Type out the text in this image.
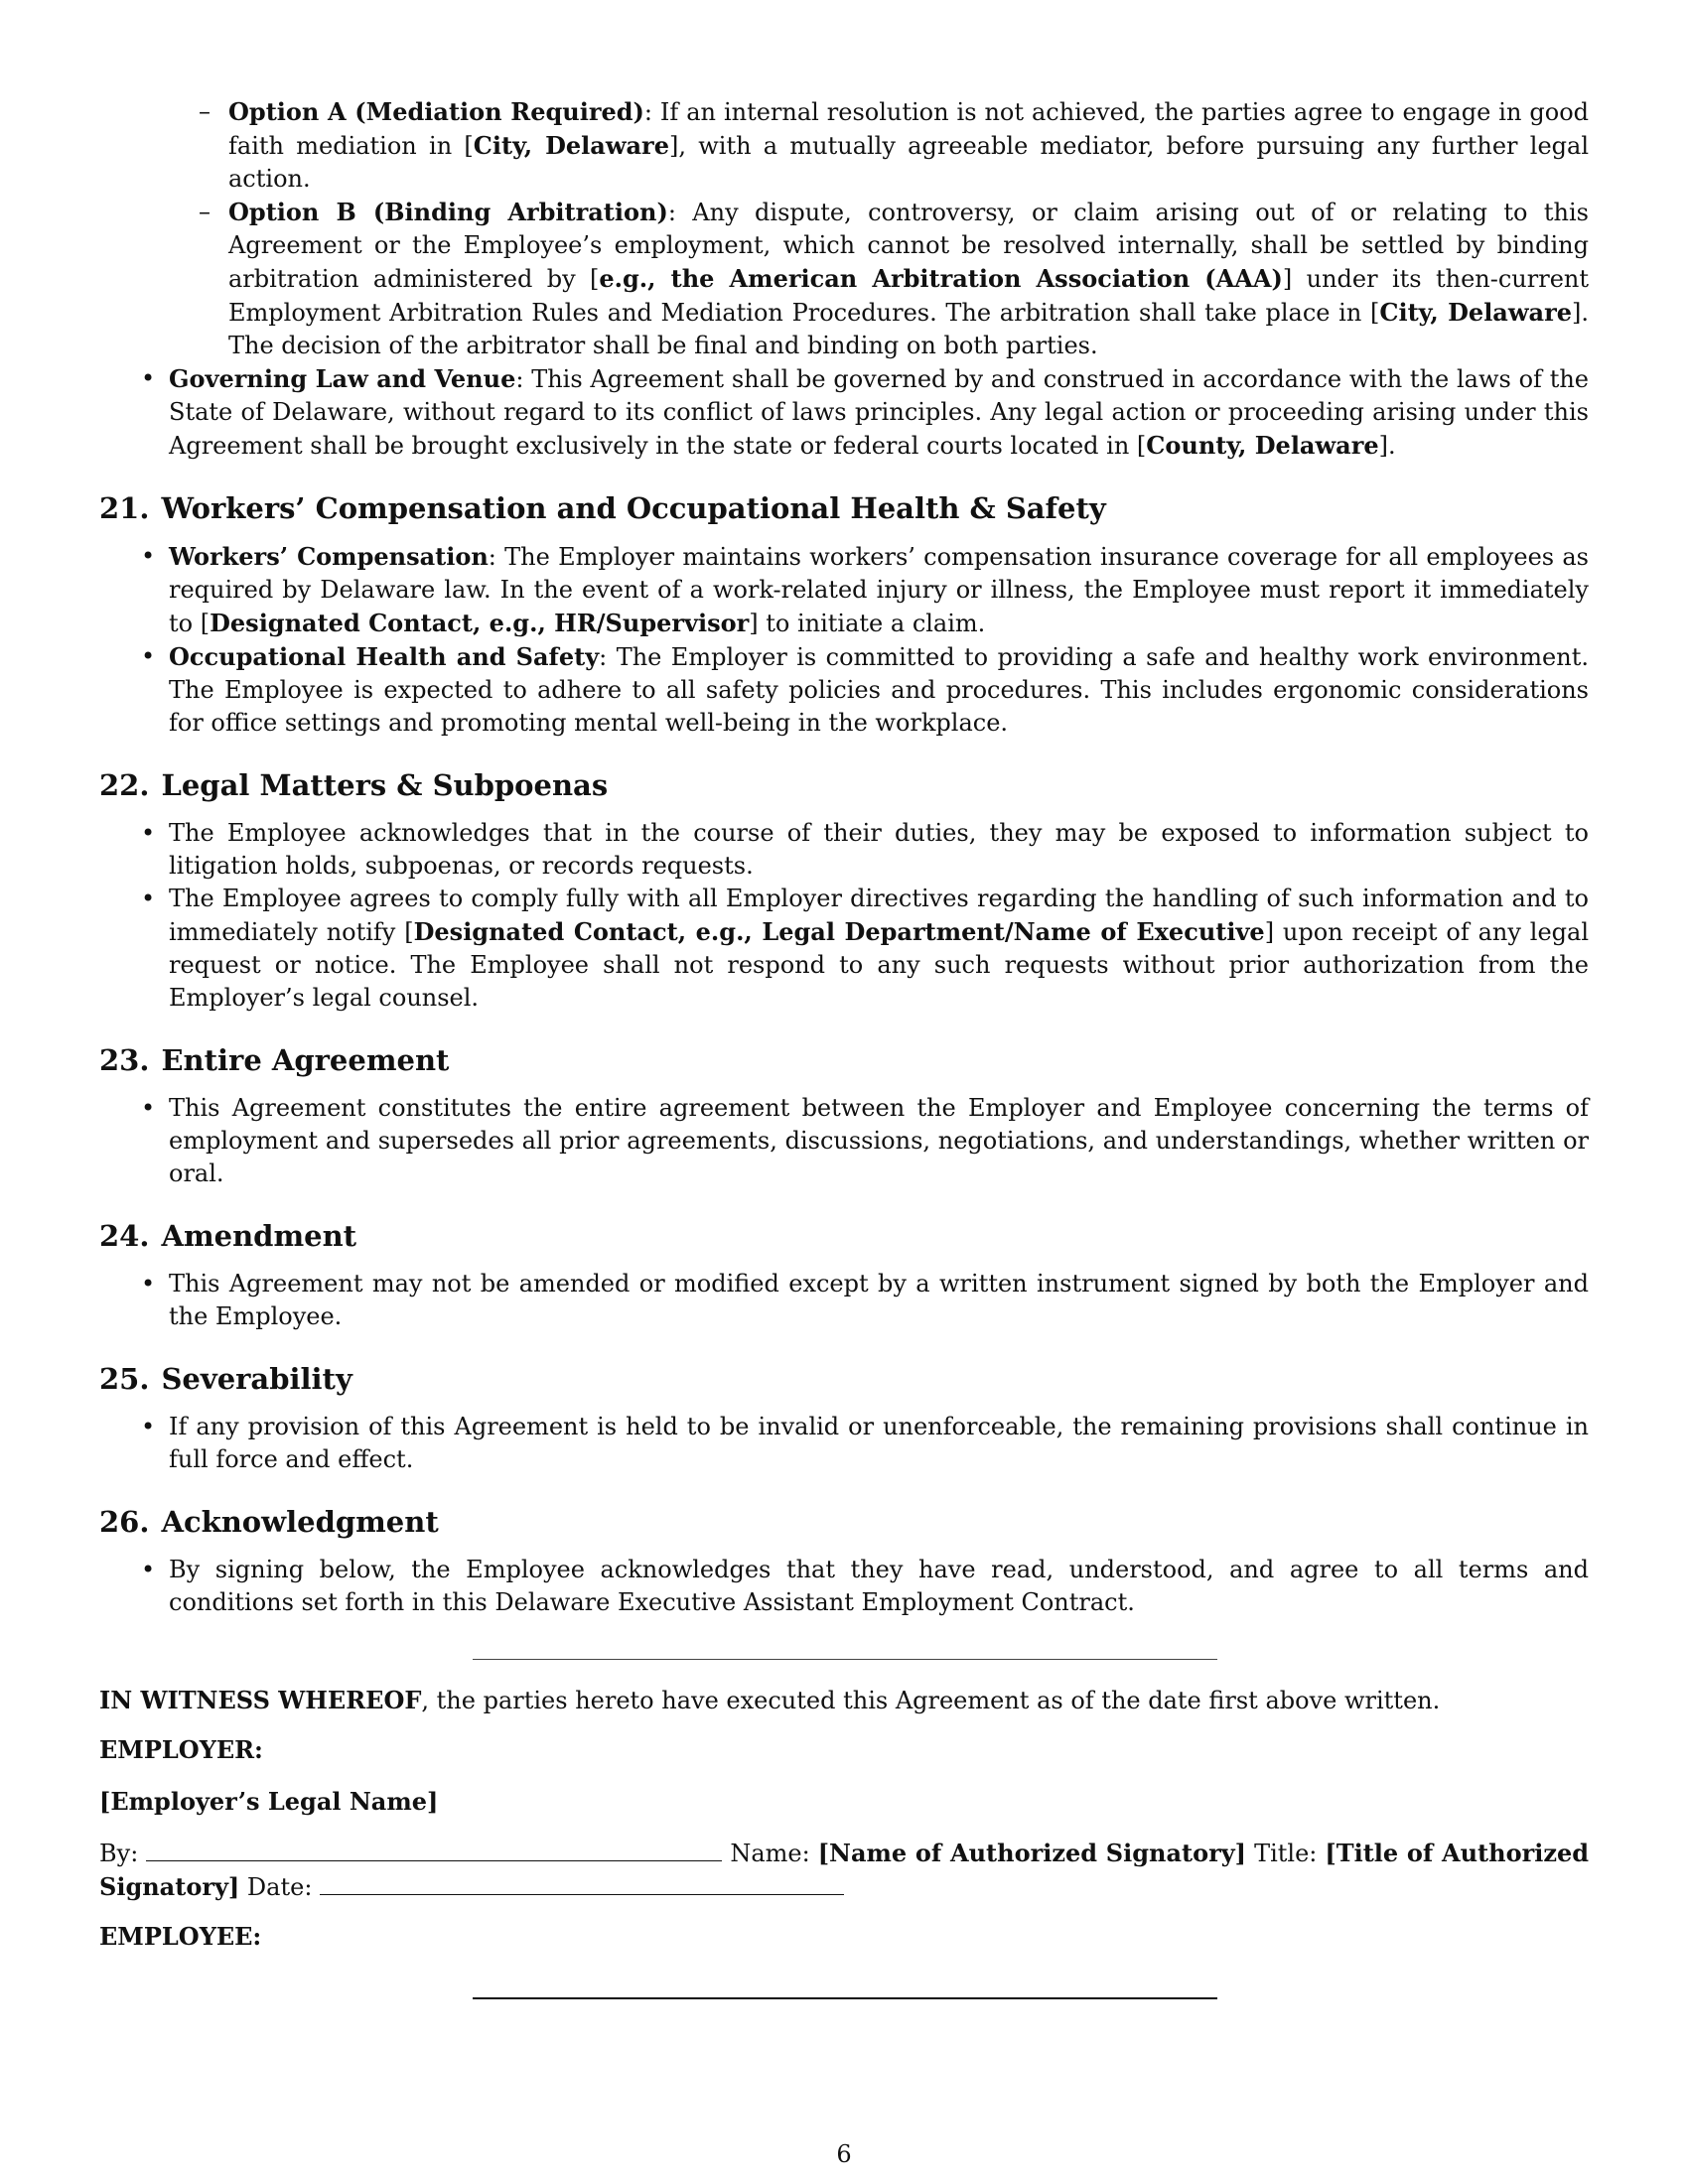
– Option A (Mediation Required): If an internal resolution is not achieved, the parties agree to engage in good faith mediation in [City, Delaware], with a mutually agreeable mediator, before pursuing any further legal action.
– Option B (Binding Arbitration): Any dispute, controversy, or claim arising out of or relating to this Agreement or the Employee’s employment, which cannot be resolved internally, shall be settled by binding arbitration administered by [e.g., the American Arbitration Association (AAA)] under its then-current Employment Arbitration Rules and Mediation Procedures. The arbitration shall take place in [City, Delaware]. The decision of the arbitrator shall be final and binding on both parties.
• Governing Law and Venue: This Agreement shall be governed by and construed in accordance with the laws of the State of Delaware, without regard to its conflict of laws principles. Any legal action or proceeding arising under this Agreement shall be brought exclusively in the state or federal courts located in [County, Delaware].
21. Workers’ Compensation and Occupational Health & Safety
• Workers’ Compensation: The Employer maintains workers’ compensation insurance coverage for all employees as required by Delaware law. In the event of a work-related injury or illness, the Employee must report it immediately to [Designated Contact, e.g., HR/Supervisor] to initiate a claim.
• Occupational Health and Safety: The Employer is committed to providing a safe and healthy work environment. The Employee is expected to adhere to all safety policies and procedures. This includes ergonomic considerations for office settings and promoting mental well-being in the workplace.
22. Legal Matters & Subpoenas
• The Employee acknowledges that in the course of their duties, they may be exposed to information subject to litigation holds, subpoenas, or records requests.
• The Employee agrees to comply fully with all Employer directives regarding the handling of such information and to immediately notify [Designated Contact, e.g., Legal Department/Name of Executive] upon receipt of any legal request or notice. The Employee shall not respond to any such requests without prior authorization from the Employer’s legal counsel.
23. Entire Agreement
• This Agreement constitutes the entire agreement between the Employer and Employee concerning the terms of employment and supersedes all prior agreements, discussions, negotiations, and understandings, whether written or oral.
24. Amendment
• This Agreement may not be amended or modified except by a written instrument signed by both the Employer and the Employee.
25. Severability
• If any provision of this Agreement is held to be invalid or unenforceable, the remaining provisions shall continue in full force and effect.
26. Acknowledgment
• By signing below, the Employee acknowledges that they have read, understood, and agree to all terms and conditions set forth in this Delaware Executive Assistant Employment Contract.

IN WITNESS WHEREOF, the parties hereto have executed this Agreement as of the date first above written.

EMPLOYER:

[Employer’s Legal Name]

By:	Name: [Name of Authorized Signatory] Title: [Title of Authorized Signatory] Date:

EMPLOYEE:

6
